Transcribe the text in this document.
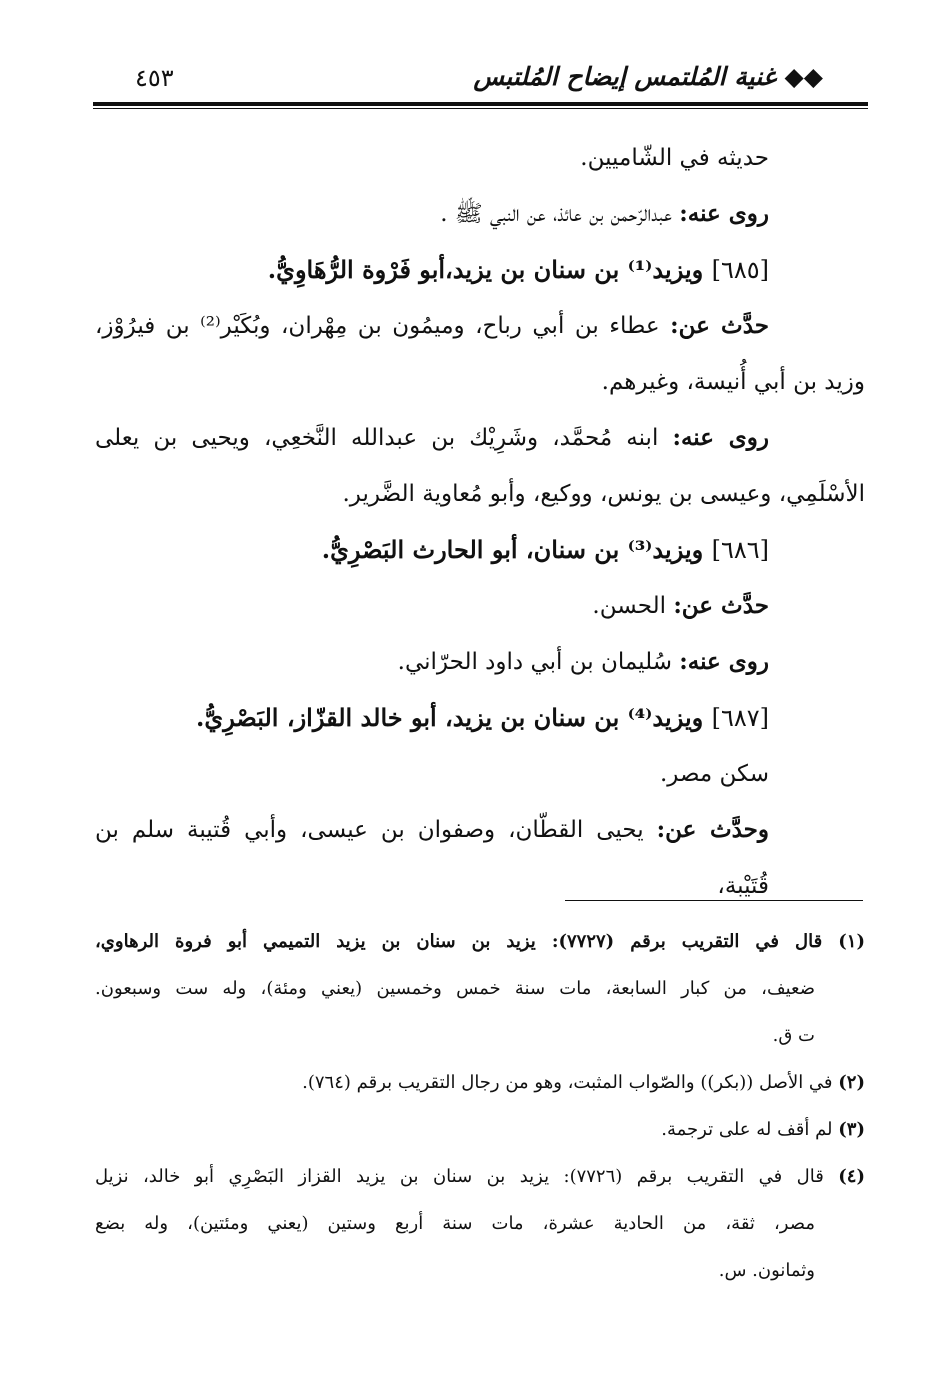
◆◆ غنية المُلتمس إيضاح المُلتبس
٤٥٣
حديثه في الشّاميين.
روى عنه: عبدالرّحمن بن عائذ، عن النبي ﷺ .
[٦٨٥] ويزيد⁽¹⁾ بن سنان بن يزيد،أبو فَرْوة الرُّهَاوِيُّ.
حدَّث عن: عطاء بن أبي رباح، وميمُون بن مِهْران، وبُكَيْر⁽²⁾ بن فيرُوْز،
وزيد بن أبي أُنيسة، وغيرهم.
روى عنه: ابنه مُحمَّد، وشَرِيْك بن عبدالله النَّخعِي، ويحيى بن يعلى
الأسْلَمِي، وعيسى بن يونس، ووكيع، وأبو مُعاوية الضَّرير.
[٦٨٦] ويزيد⁽³⁾ بن سنان، أبو الحارث البَصْرِيُّ.
حدَّث عن: الحسن.
روى عنه: سُليمان بن أبي داود الحرّاني.
[٦٨٧] ويزيد⁽⁴⁾ بن سنان بن يزيد، أبو خالد القزّاز، البَصْرِيُّ.
سكن مصر.
وحدَّث عن: يحيى القطّان، وصفوان بن عيسى، وأبي قُتيبة سلم بن قُتَيْبة،
(١) قال في التقريب برقم (٧٧٢٧): يزيد بن سنان بن يزيد التميمي أبو فروة الرهاوي،
ضعيف، من كبار السابعة، مات سنة خمس وخمسين (يعني ومئة)، وله ست وسبعون.
ت ق.
(٢) في الأصل ((بكر)) والصّواب المثبت، وهو من رجال التقريب برقم (٧٦٤).
(٣) لم أقف له على ترجمة.
(٤) قال في التقريب برقم (٧٧٢٦): يزيد بن سنان بن يزيد القزاز البَصْرِي أبو خالد، نزيل
مصر، ثقة، من الحادية عشرة، مات سنة أربع وستين (يعني ومئتين)، وله بضع
وثمانون. س.
